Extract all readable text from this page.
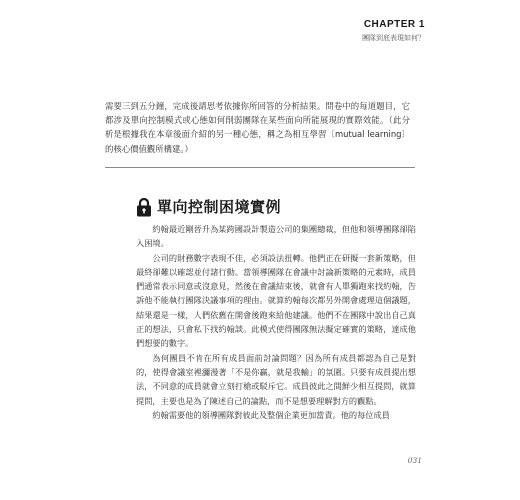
CHAPTER 1
團隊到底表現如何？
需要三到五分鐘，完成後請思考依據你所回答的分析結果。問卷中的每道題目，它都涉及單向控制模式或心態如何削弱團隊在某些面向所能展現的實際效能。（此分析是根據我在本章後面介紹的另一種心態，稱之為相互學習〔mutual learning〕的核心價值觀所構建。）
單向控制困境實例

約翰最近剛晉升為某跨國設計製造公司的集團總裁，但他和領導團隊卻陷入困境。

公司的財務數字表現不佳，必須設法扭轉。他們正在研擬一套新策略，但最終卻難以確認並付諸行動。當領導團隊在會議中討論新策略的元素時，成員們通常表示同意或沒意見，然後在會議結束後，就會有人單獨跑來找約翰，告訴他不能執行團隊決議事項的理由。就算約翰每次都另外開會處理這個議題，結果還是一樣，人們依舊在開會後跑來給他建議。他們不在團隊中說出自己真正的想法，只會私下找約翰談。此模式使得團隊無法擬定確實的策略，達成他們想要的數字。

為何團員不肯在所有成員面前討論問題？因為所有成員都認為自己是對的，使得會議室裡瀰漫著「不是你贏，就是我輸」的氛圍。只要有成員提出想法，不同意的成員就會立刻打槍或駁斥它。成員彼此之間鮮少相互提問，就算提問，主要也是為了陳述自己的論點，而不是想要理解對方的觀點。

約翰需要他的領導團隊對彼此及整個企業更加當責。他的每位成員

031
